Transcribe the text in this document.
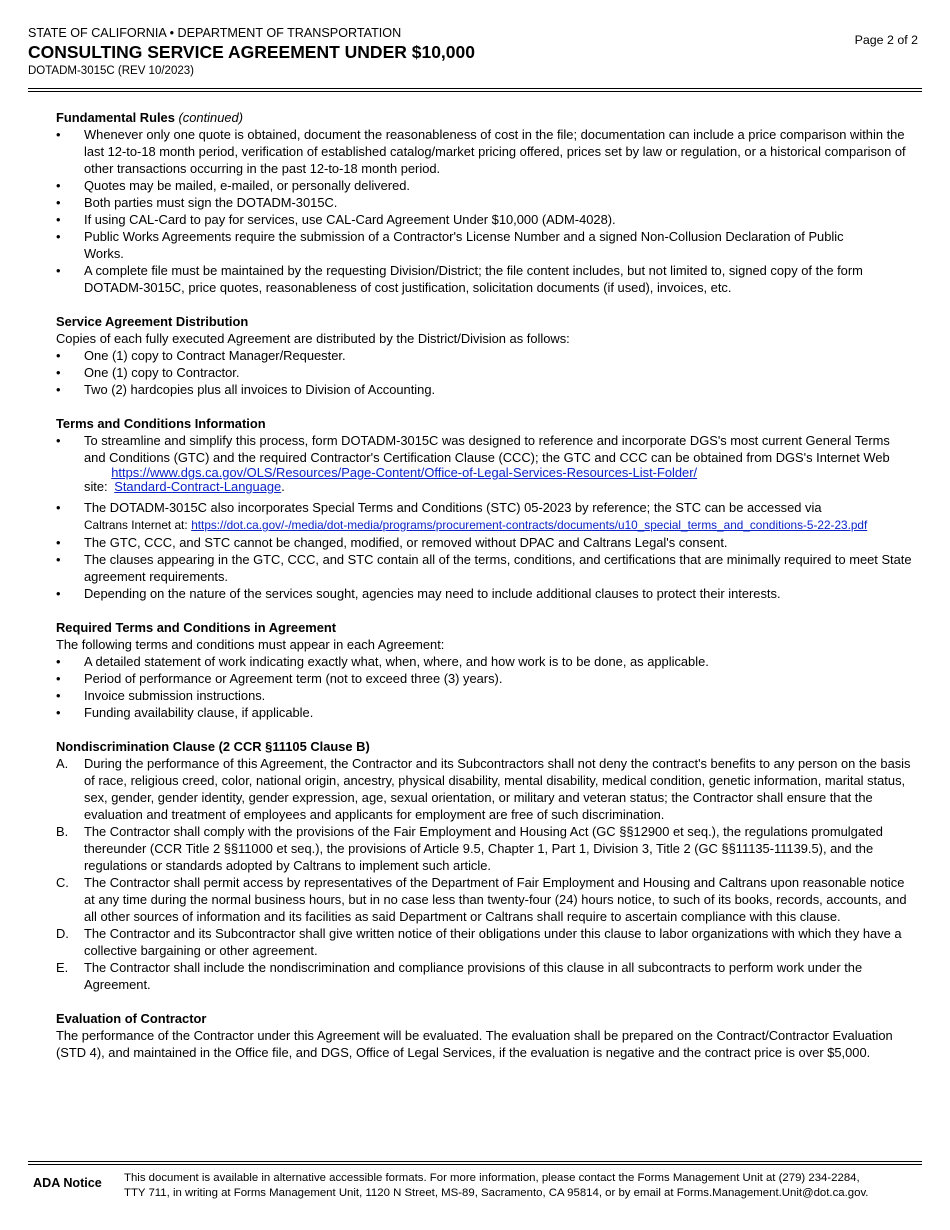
STATE OF CALIFORNIA • DEPARTMENT OF TRANSPORTATION
CONSULTING SERVICE AGREEMENT UNDER $10,000
DOTADM-3015C (REV 10/2023)
Page 2 of 2
Fundamental Rules (continued)
• Whenever only one quote is obtained, document the reasonableness of cost in the file; documentation can include a price comparison within the last 12-to-18 month period, verification of established catalog/market pricing offered, prices set by law or regulation, or a historical comparison of other transactions occurring in the past 12-to-18 month period.
• Quotes may be mailed, e-mailed, or personally delivered.
• Both parties must sign the DOTADM-3015C.
• If using CAL-Card to pay for services, use CAL-Card Agreement Under $10,000 (ADM-4028).
• Public Works Agreements require the submission of a Contractor's License Number and a signed Non-Collusion Declaration of Public Works.
• A complete file must be maintained by the requesting Division/District; the file content includes, but not limited to, signed copy of the form DOTADM-3015C, price quotes, reasonableness of cost justification, solicitation documents (if used), invoices, etc.
Service Agreement Distribution
Copies of each fully executed Agreement are distributed by the District/Division as follows:
• One (1) copy to Contract Manager/Requester.
• One (1) copy to Contractor.
• Two (2) hardcopies plus all invoices to Division of Accounting.
Terms and Conditions Information
• To streamline and simplify this process, form DOTADM-3015C was designed to reference and incorporate DGS's most current General Terms and Conditions (GTC) and the required Contractor's Certification Clause (CCC); the GTC and CCC can be obtained from DGS's Internet Web site: https://www.dgs.ca.gov/OLS/Resources/Page-Content/Office-of-Legal-Services-Resources-List-Folder/
Standard-Contract-Language.
• The DOTADM-3015C also incorporates Special Terms and Conditions (STC) 05-2023 by reference; the STC can be accessed via
Caltrans Internet at: https://dot.ca.gov/-/media/dot-media/programs/procurement-contracts/documents/u10_special_terms_and_conditions-5-22-23.pdf
• The GTC, CCC, and STC cannot be changed, modified, or removed without DPAC and Caltrans Legal's consent.
• The clauses appearing in the GTC, CCC, and STC contain all of the terms, conditions, and certifications that are minimally required to meet State agreement requirements.
• Depending on the nature of the services sought, agencies may need to include additional clauses to protect their interests.
Required Terms and Conditions in Agreement
The following terms and conditions must appear in each Agreement:
• A detailed statement of work indicating exactly what, when, where, and how work is to be done, as applicable.
• Period of performance or Agreement term (not to exceed three (3) years).
• Invoice submission instructions.
• Funding availability clause, if applicable.
Nondiscrimination Clause (2 CCR §11105 Clause B)
A. During the performance of this Agreement, the Contractor and its Subcontractors shall not deny the contract's benefits to any person on the basis of race, religious creed, color, national origin, ancestry, physical disability, mental disability, medical condition, genetic information, marital status, sex, gender, gender identity, gender expression, age, sexual orientation, or military and veteran status; the Contractor shall ensure that the evaluation and treatment of employees and applicants for employment are free of such discrimination.
B. The Contractor shall comply with the provisions of the Fair Employment and Housing Act (GC §§12900 et seq.), the regulations promulgated thereunder (CCR Title 2 §§11000 et seq.), the provisions of Article 9.5, Chapter 1, Part 1, Division 3, Title 2 (GC §§11135-11139.5), and the regulations or standards adopted by Caltrans to implement such article.
C. The Contractor shall permit access by representatives of the Department of Fair Employment and Housing and Caltrans upon reasonable notice at any time during the normal business hours, but in no case less than twenty-four (24) hours notice, to such of its books, records, accounts, and all other sources of information and its facilities as said Department or Caltrans shall require to ascertain compliance with this clause.
D. The Contractor and its Subcontractor shall give written notice of their obligations under this clause to labor organizations with which they have a collective bargaining or other agreement.
E. The Contractor shall include the nondiscrimination and compliance provisions of this clause in all subcontracts to perform work under the Agreement.
Evaluation of Contractor
The performance of the Contractor under this Agreement will be evaluated. The evaluation shall be prepared on the Contract/Contractor Evaluation (STD 4), and maintained in the Office file, and DGS, Office of Legal Services, if the evaluation is negative and the contract price is over $5,000.
ADA Notice This document is available in alternative accessible formats. For more information, please contact the Forms Management Unit at (279) 234-2284,
TTY 711, in writing at Forms Management Unit, 1120 N Street, MS-89, Sacramento, CA 95814, or by email at Forms.Management.Unit@dot.ca.gov.
